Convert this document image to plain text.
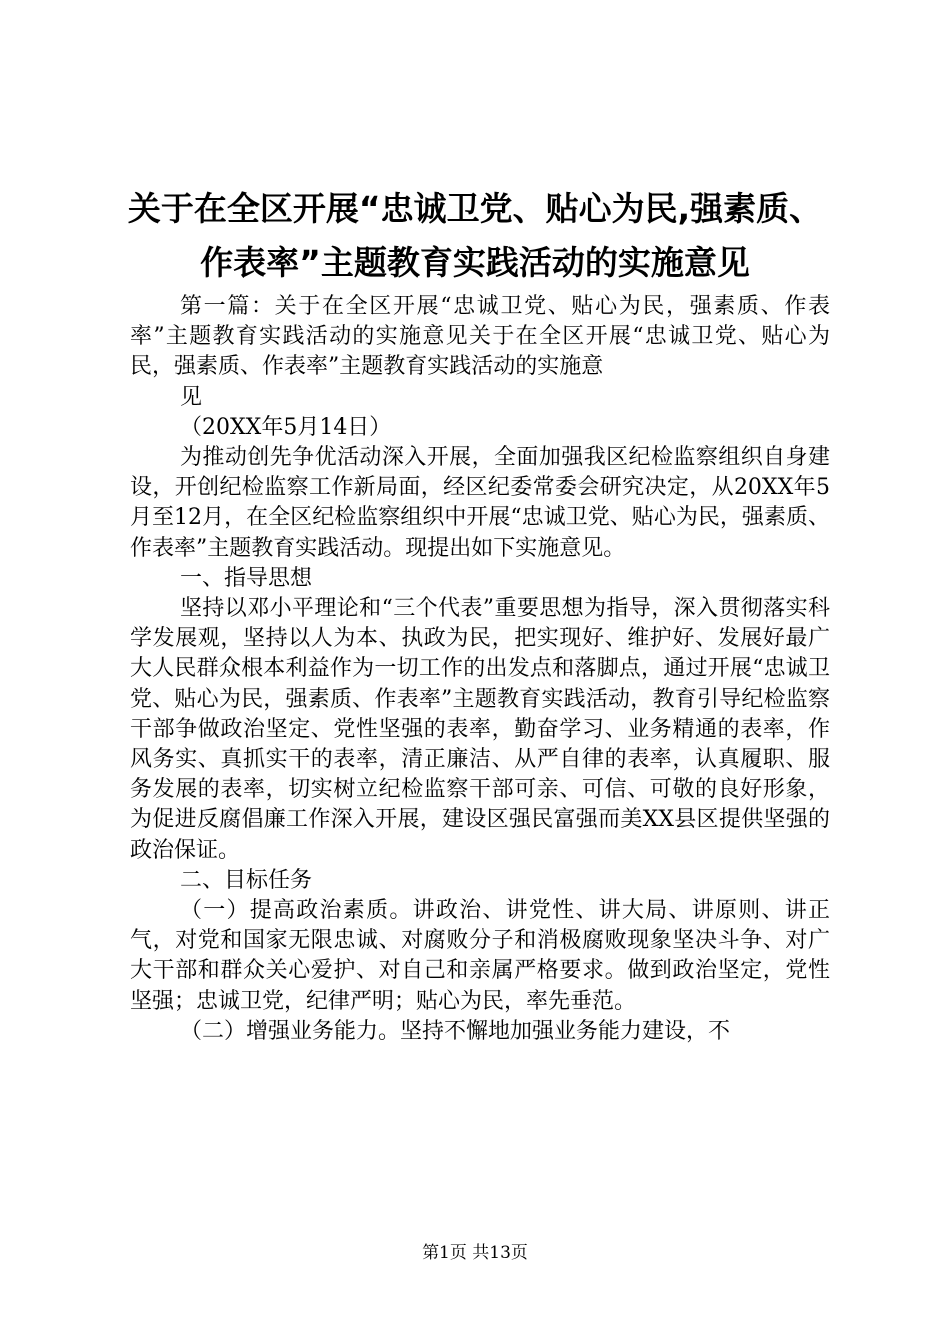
关于在全区开展“忠诚卫党、贴心为民,强素质、作表率”主题教育实践活动的实施意见

第一篇：关于在全区开展“忠诚卫党、贴心为民，强素质、作表率”主题教育实践活动的实施意见关于在全区开展“忠诚卫党、贴心为民，强素质、作表率”主题教育实践活动的实施意

见

（20XX年5月14日）

为推动创先争优活动深入开展，全面加强我区纪检监察组织自身建设，开创纪检监察工作新局面，经区纪委常委会研究决定，从20XX年5月至12月，在全区纪检监察组织中开展“忠诚卫党、贴心为民，强素质、作表率”主题教育实践活动。现提出如下实施意见。

一、指导思想

坚持以邓小平理论和“三个代表”重要思想为指导，深入贯彻落实科学发展观，坚持以人为本、执政为民，把实现好、维护好、发展好最广大人民群众根本利益作为一切工作的出发点和落脚点，通过开展“忠诚卫党、贴心为民，强素质、作表率”主题教育实践活动，教育引导纪检监察干部争做政治坚定、党性坚强的表率，勤奋学习、业务精通的表率，作风务实、真抓实干的表率，清正廉洁、从严自律的表率，认真履职、服务发展的表率，切实树立纪检监察干部可亲、可信、可敬的良好形象，为促进反腐倡廉工作深入开展，建设区强民富强而美XX县区提供坚强的政治保证。

二、目标任务

（一）提高政治素质。讲政治、讲党性、讲大局、讲原则、讲正气，对党和国家无限忠诚、对腐败分子和消极腐败现象坚决斗争、对广大干部和群众关心爱护、对自己和亲属严格要求。做到政治坚定，党性坚强；忠诚卫党，纪律严明；贴心为民，率先垂范。

（二）增强业务能力。坚持不懈地加强业务能力建设，不

第1页 共13页
